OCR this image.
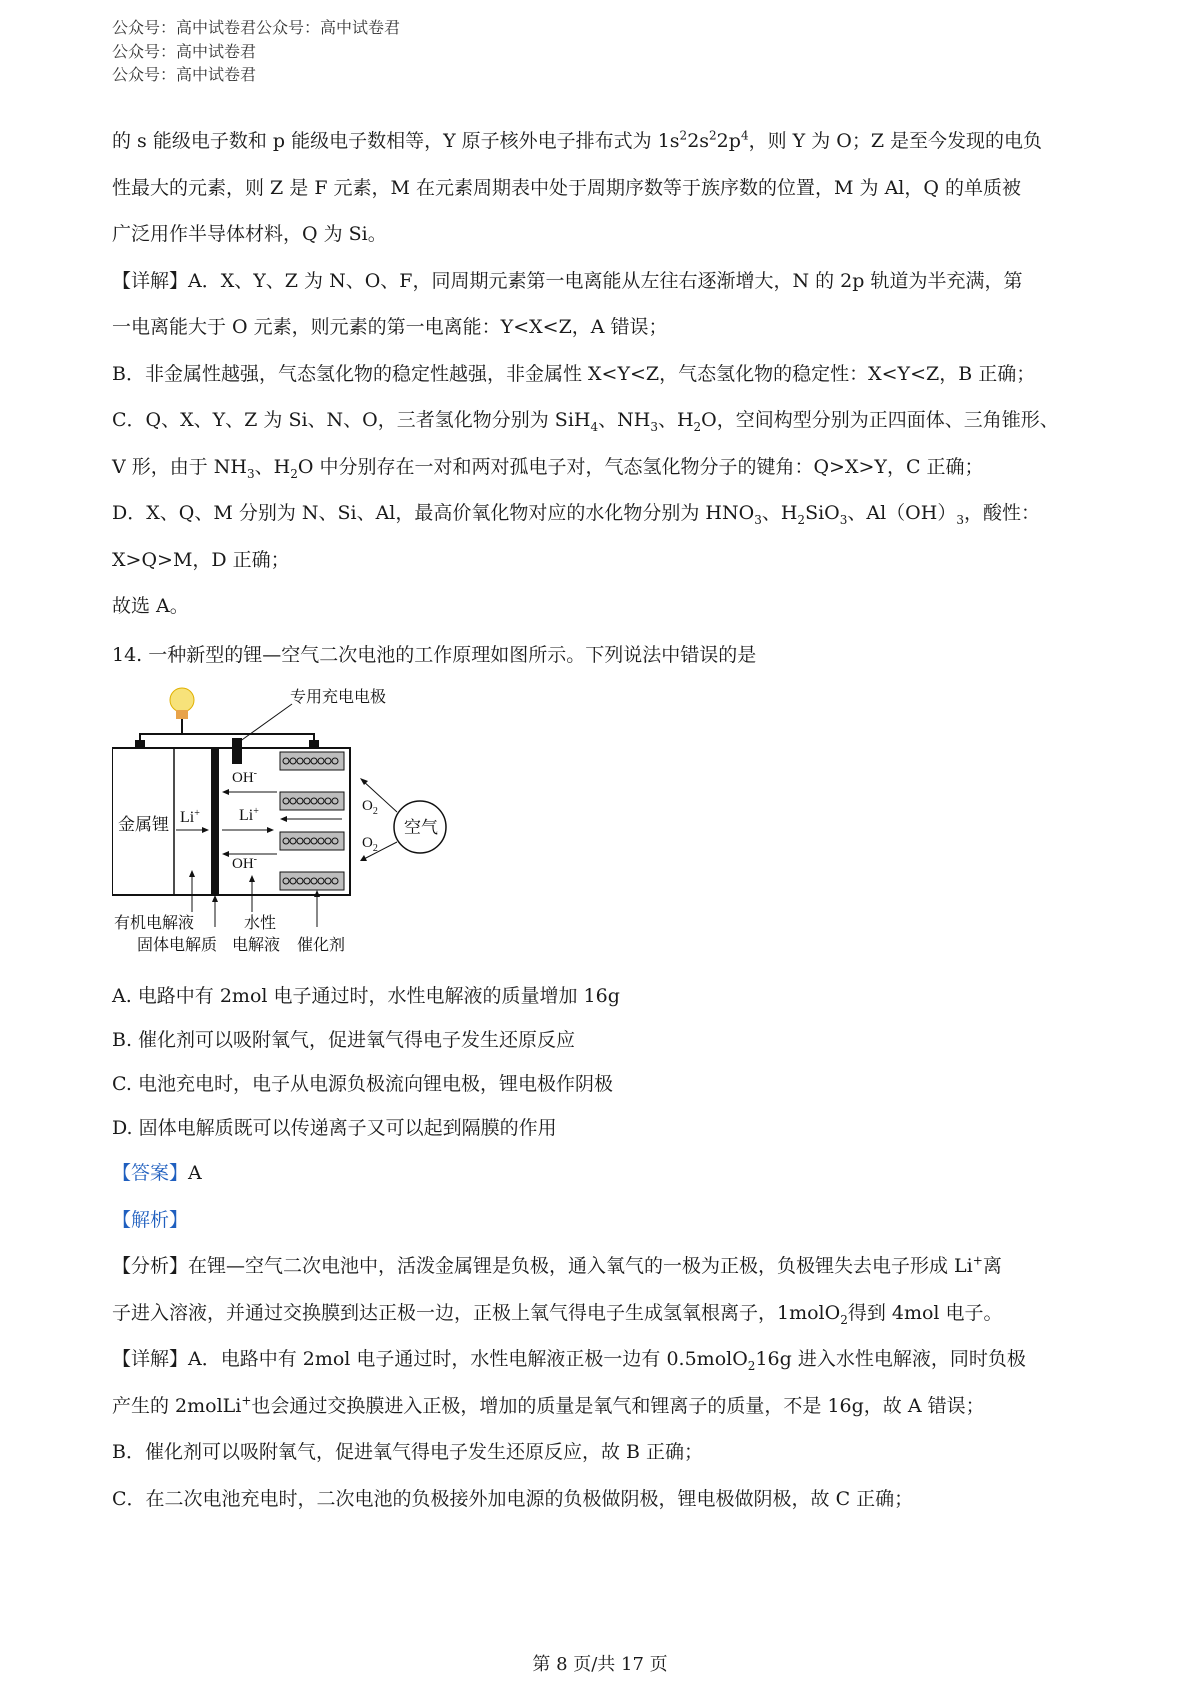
公众号：高中试卷君公众号：高中试卷君
公众号：高中试卷君
公众号：高中试卷君

的 s 能级电子数和 p 能级电子数相等，Y 原子核外电子排布式为 $1s^22s^22p^4$，则 Y 为 O；Z 是至今发现的电负

性最大的元素，则 Z 是 F 元素，M 在元素周期表中处于周期序数等于族序数的位置，M 为 Al，Q 的单质被

广泛用作半导体材料，Q 为 Si。

【详解】A．X、Y、Z 为 N、O、F，同周期元素第一电离能从左往右逐渐增大，N 的 2p 轨道为半充满，第

一电离能大于 O 元素，则元素的第一电离能：Y<X<Z，A 错误；

B．非金属性越强，气态氢化物的稳定性越强，非金属性 X<Y<Z，气态氢化物的稳定性：X<Y<Z，B 正确；

C．Q、X、Y、Z 为 Si、N、O，三者氢化物分别为 SiH$_4$、$NH_3$、$H_2O$，空间构型分别为正四面体、三角锥形、

V 形，由于 $NH_3$、$H_2O$ 中分别存在一对和两对孤电子对，气态氢化物分子的键角：Q>X>Y，C 正确；

D．X、Q、M 分别为 N、Si、Al，最高价氧化物对应的水化物分别为 $HNO_3$、$H_2SiO_3$、$Al(OH)_3$，酸性：

X>Q>M，D 正确；

故选 A。

14. 一种新型的锂—空气二次电池的工作原理如图所示。下列说法中错误的是

专用充电电极
金属锂 Li+ Li+
OH-
OH-
$O_2$
$O_2$
空气
有机电解液
固体电解质
水性
电解液 催化剂

A. 电路中有 2mol 电子通过时，水性电解液的质量增加 16g

B. 催化剂可以吸附氧气，促进氧气得电子发生还原反应

C. 电池充电时，电子从电源负极流向锂电极，锂电极作阴极

D. 固体电解质既可以传递离子又可以起到隔膜的作用

【答案】A

【解析】

【分析】在锂—空气二次电池中，活泼金属锂是负极，通入氧气的一极为正极，负极锂失去电子形成 Li+离

子进入溶液，并通过交换膜到达正极一边，正极上氧气得电子生成氢氧根离子，1molO$_2$得到 4mol 电子。

【详解】A．电路中有 2mol 电子通过时，水性电解液正极一边有 0.5molO$_2$16g 进入水性电解液，同时负极

产生的 2molLi+也会通过交换膜进入正极，增加的质量是氧气和锂离子的质量，不是 16g，故 A 错误；

B．催化剂可以吸附氧气，促进氧气得电子发生还原反应，故 B 正确；

C．在二次电池充电时，二次电池的负极接外加电源的负极做阴极，锂电极做阴极，故 C 正确；

第 8 页/共 17 页
